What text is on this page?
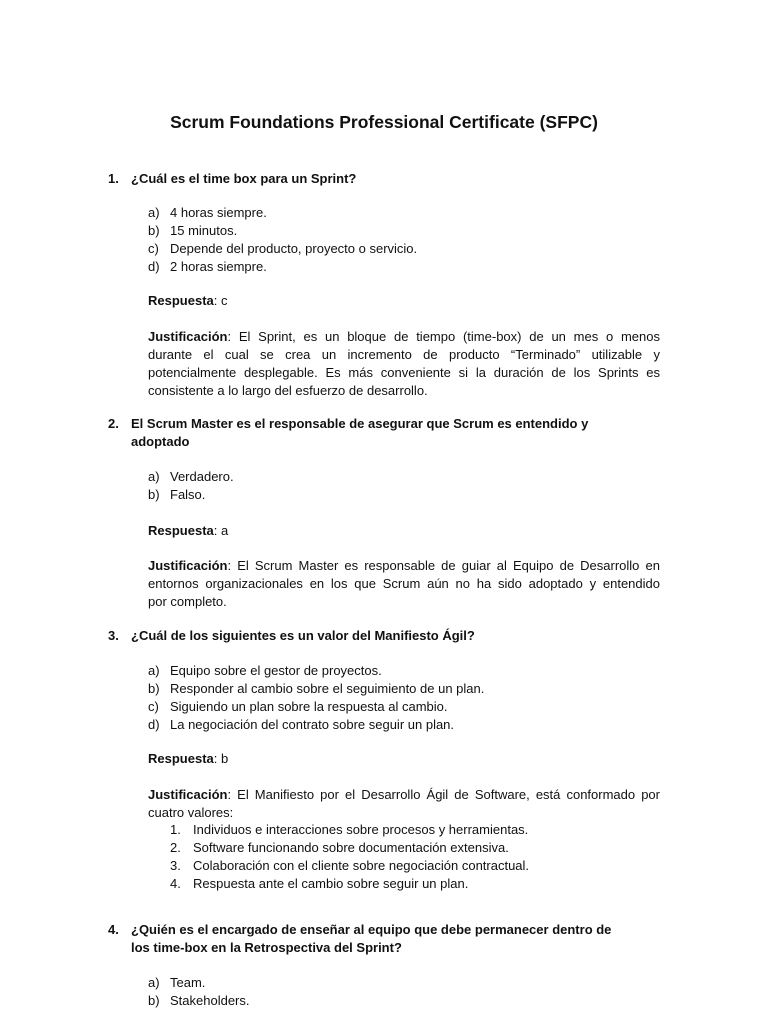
Scrum Foundations Professional Certificate (SFPC)
1. ¿Cuál es el time box para un Sprint?
a) 4 horas siempre.
b) 15 minutos.
c) Depende del producto, proyecto o servicio.
d) 2 horas siempre.
Respuesta: c
Justificación: El Sprint, es un bloque de tiempo (time-box) de un mes o menos
durante el cual se crea un incremento de producto “Terminado” utilizable y
potencialmente desplegable. Es más conveniente si la duración de los Sprints es
consistente a lo largo del esfuerzo de desarrollo.
2. El Scrum Master es el responsable de asegurar que Scrum es entendido y
adoptado
a) Verdadero.
b) Falso.
Respuesta: a
Justificación: El Scrum Master es responsable de guiar al Equipo de Desarrollo en
entornos organizacionales en los que Scrum aún no ha sido adoptado y entendido
por completo.
3. ¿Cuál de los siguientes es un valor del Manifiesto Ágil?
a) Equipo sobre el gestor de proyectos.
b) Responder al cambio sobre el seguimiento de un plan.
c) Siguiendo un plan sobre la respuesta al cambio.
d) La negociación del contrato sobre seguir un plan.
Respuesta: b
Justificación: El Manifiesto por el Desarrollo Ágil de Software, está conformado por
cuatro valores:
1. Individuos e interacciones sobre procesos y herramientas.
2. Software funcionando sobre documentación extensiva.
3. Colaboración con el cliente sobre negociación contractual.
4. Respuesta ante el cambio sobre seguir un plan.
4. ¿Quién es el encargado de enseñar al equipo que debe permanecer dentro de
los time-box en la Retrospectiva del Sprint?
a) Team.
b) Stakeholders.
